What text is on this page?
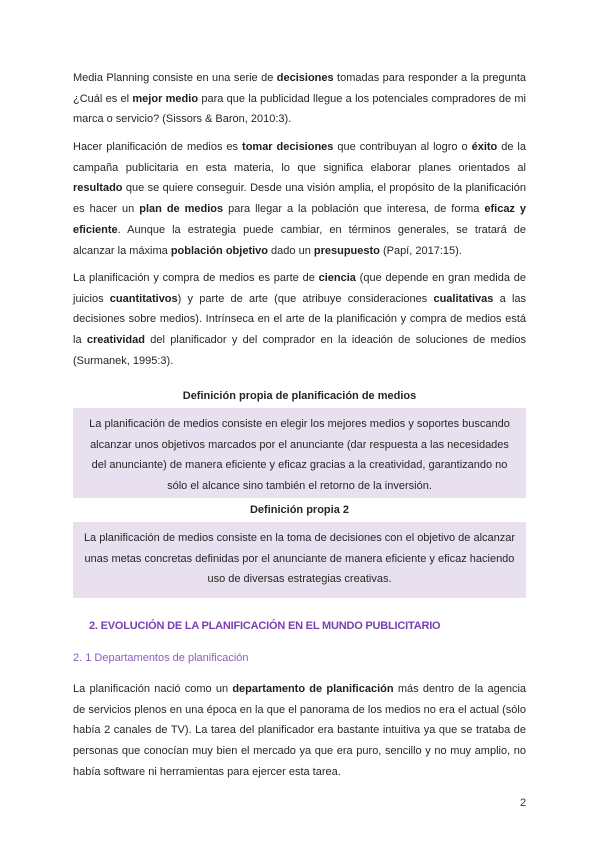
Media Planning consiste en una serie de decisiones tomadas para responder a la pregunta ¿Cuál es el mejor medio para que la publicidad llegue a los potenciales compradores de mi marca o servicio? (Sissors & Baron, 2010:3).

Hacer planificación de medios es tomar decisiones que contribuyan al logro o éxito de la campaña publicitaria en esta materia, lo que significa elaborar planes orientados al resultado que se quiere conseguir. Desde una visión amplia, el propósito de la planificación es hacer un plan de medios para llegar a la población que interesa, de forma eficaz y eficiente. Aunque la estrategia puede cambiar, en términos generales, se tratará de alcanzar la máxima población objetivo dado un presupuesto (Papí, 2017:15).

La planificación y compra de medios es parte de ciencia (que depende en gran medida de juicios cuantitativos) y parte de arte (que atribuye consideraciones cualitativas a las decisiones sobre medios). Intrínseca en el arte de la planificación y compra de medios está la creatividad del planificador y del comprador en la ideación de soluciones de medios (Surmanek, 1995:3).

Definición propia de planificación de medios
La planificación de medios consiste en elegir los mejores medios y soportes buscando alcanzar unos objetivos marcados por el anunciante (dar respuesta a las necesidades del anunciante) de manera eficiente y eficaz gracias a la creatividad, garantizando no sólo el alcance sino también el retorno de la inversión.
Definición propia 2
La planificación de medios consiste en la toma de decisiones con el objetivo de alcanzar unas metas concretas definidas por el anunciante de manera eficiente y eficaz haciendo uso de diversas estrategias creativas.
2. EVOLUCIÓN DE LA PLANIFICACIÓN EN EL MUNDO PUBLICITARIO
2. 1 Departamentos de planificación

La planificación nació como un departamento de planificación más dentro de la agencia de servicios plenos en una época en la que el panorama de los medios no era el actual (sólo había 2 canales de TV). La tarea del planificador era bastante intuitiva ya que se trataba de personas que conocían muy bien el mercado ya que era puro, sencillo y no muy amplio, no había software ni herramientas para ejercer esta tarea.

2
